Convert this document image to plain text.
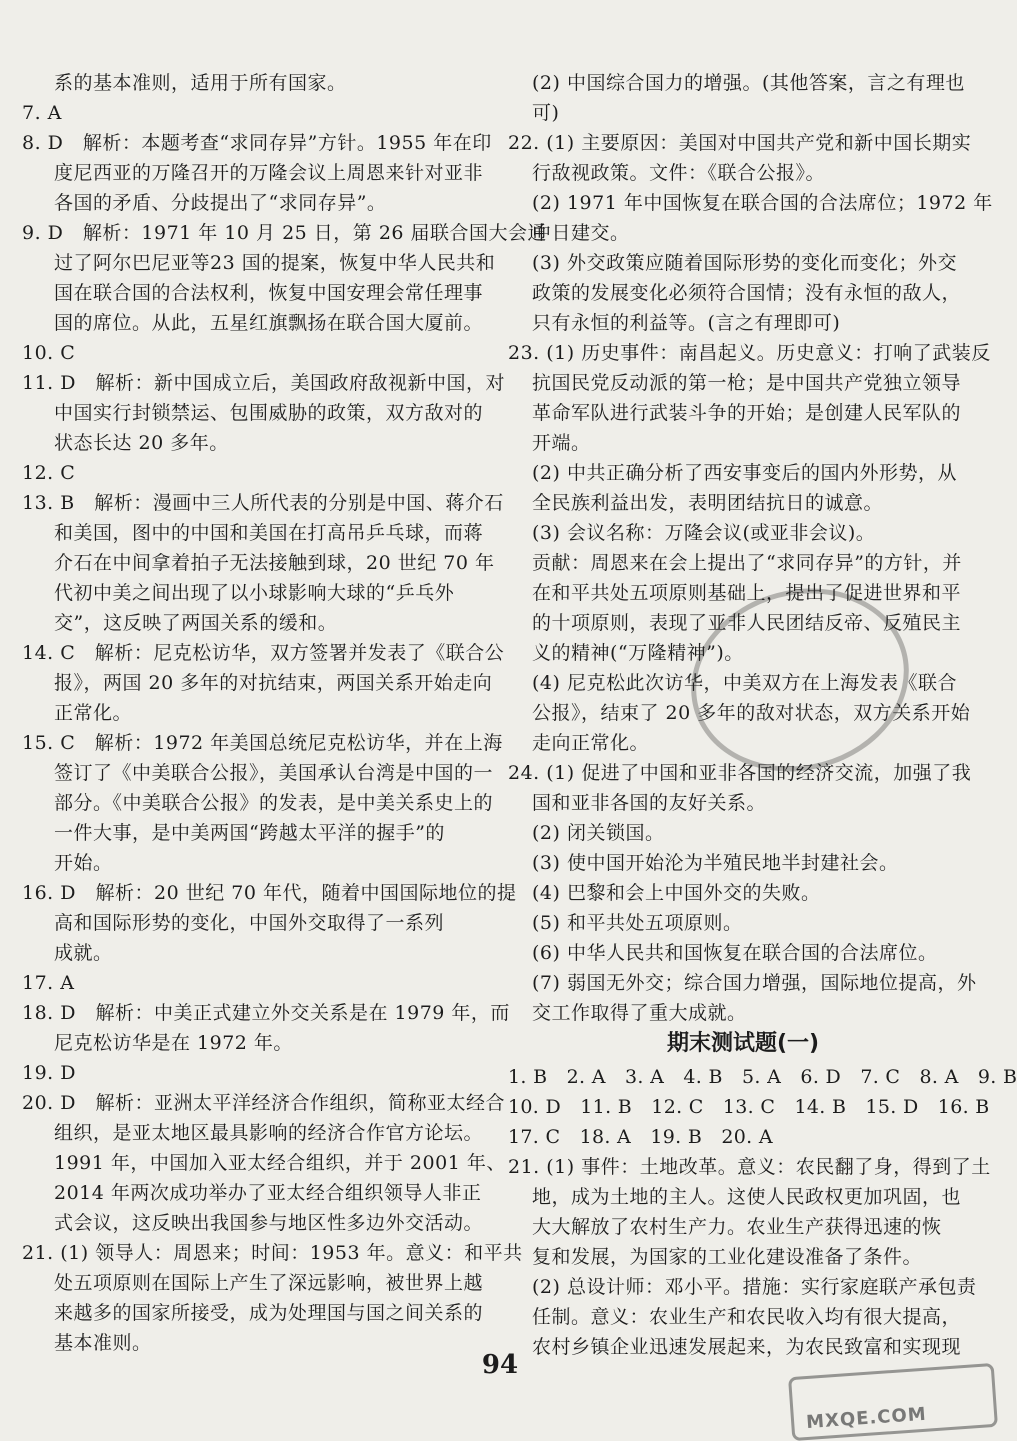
系的基本准则，适用于所有国家。
7. A
8. D　解析：本题考查“求同存异”方针。1955 年在印
度尼西亚的万隆召开的万隆会议上周恩来针对亚非
各国的矛盾、分歧提出了“求同存异”。
9. D　解析：1971 年 10 月 25 日，第 26 届联合国大会通
过了阿尔巴尼亚等23 国的提案，恢复中华人民共和
国在联合国的合法权利，恢复中国安理会常任理事
国的席位。从此，五星红旗飘扬在联合国大厦前。
10. C
11. D　解析：新中国成立后，美国政府敌视新中国，对
中国实行封锁禁运、包围威胁的政策，双方敌对的
状态长达 20 多年。
12. C
13. B　解析：漫画中三人所代表的分别是中国、蒋介石
和美国，图中的中国和美国在打高吊乒乓球，而蒋
介石在中间拿着拍子无法接触到球，20 世纪 70 年
代初中美之间出现了以小球影响大球的“乒乓外
交”，这反映了两国关系的缓和。
14. C　解析：尼克松访华，双方签署并发表了《联合公
报》，两国 20 多年的对抗结束，两国关系开始走向
正常化。
15. C　解析：1972 年美国总统尼克松访华，并在上海
签订了《中美联合公报》，美国承认台湾是中国的一
部分。《中美联合公报》的发表，是中美关系史上的
一件大事，是中美两国“跨越太平洋的握手”的
开始。
16. D　解析：20 世纪 70 年代，随着中国国际地位的提
高和国际形势的变化，中国外交取得了一系列
成就。
17. A
18. D　解析：中美正式建立外交关系是在 1979 年，而
尼克松访华是在 1972 年。
19. D
20. D　解析：亚洲太平洋经济合作组织，简称亚太经合
组织，是亚太地区最具影响的经济合作官方论坛。
1991 年，中国加入亚太经合组织，并于 2001 年、
2014 年两次成功举办了亚太经合组织领导人非正
式会议，这反映出我国参与地区性多边外交活动。
21. (1) 领导人：周恩来；时间：1953 年。意义：和平共
处五项原则在国际上产生了深远影响，被世界上越
来越多的国家所接受，成为处理国与国之间关系的
基本准则。
(2) 中国综合国力的增强。(其他答案，言之有理也
可)
22. (1) 主要原因：美国对中国共产党和新中国长期实
行敌视政策。文件：《联合公报》。
(2) 1971 年中国恢复在联合国的合法席位；1972 年
中日建交。
(3) 外交政策应随着国际形势的变化而变化；外交
政策的发展变化必须符合国情；没有永恒的敌人，
只有永恒的利益等。(言之有理即可)
23. (1) 历史事件：南昌起义。历史意义：打响了武装反
抗国民党反动派的第一枪；是中国共产党独立领导
革命军队进行武装斗争的开始；是创建人民军队的
开端。
(2) 中共正确分析了西安事变后的国内外形势，从
全民族利益出发，表明团结抗日的诚意。
(3) 会议名称：万隆会议(或亚非会议)。
贡献：周恩来在会上提出了“求同存异”的方针，并
在和平共处五项原则基础上，提出了促进世界和平
的十项原则，表现了亚非人民团结反帝、反殖民主
义的精神(“万隆精神”)。
(4) 尼克松此次访华，中美双方在上海发表《联合
公报》，结束了 20 多年的敌对状态，双方关系开始
走向正常化。
24. (1) 促进了中国和亚非各国的经济交流，加强了我
国和亚非各国的友好关系。
(2) 闭关锁国。
(3) 使中国开始沦为半殖民地半封建社会。
(4) 巴黎和会上中国外交的失败。
(5) 和平共处五项原则。
(6) 中华人民共和国恢复在联合国的合法席位。
(7) 弱国无外交；综合国力增强，国际地位提高，外
交工作取得了重大成就。
期末测试题(一)
1. B　2. A　3. A　4. B　5. A　6. D　7. C　8. A　9. B
10. D　11. B　12. C　13. C　14. B　15. D　16. B
17. C　18. A　19. B　20. A
21. (1) 事件：土地改革。意义：农民翻了身，得到了土
地，成为土地的主人。这使人民政权更加巩固，也
大大解放了农村生产力。农业生产获得迅速的恢
复和发展，为国家的工业化建设准备了条件。
(2) 总设计师：邓小平。措施：实行家庭联产承包责
任制。意义：农业生产和农民收入均有很大提高，
农村乡镇企业迅速发展起来，为农民致富和实现现
94
MXQE.COM
